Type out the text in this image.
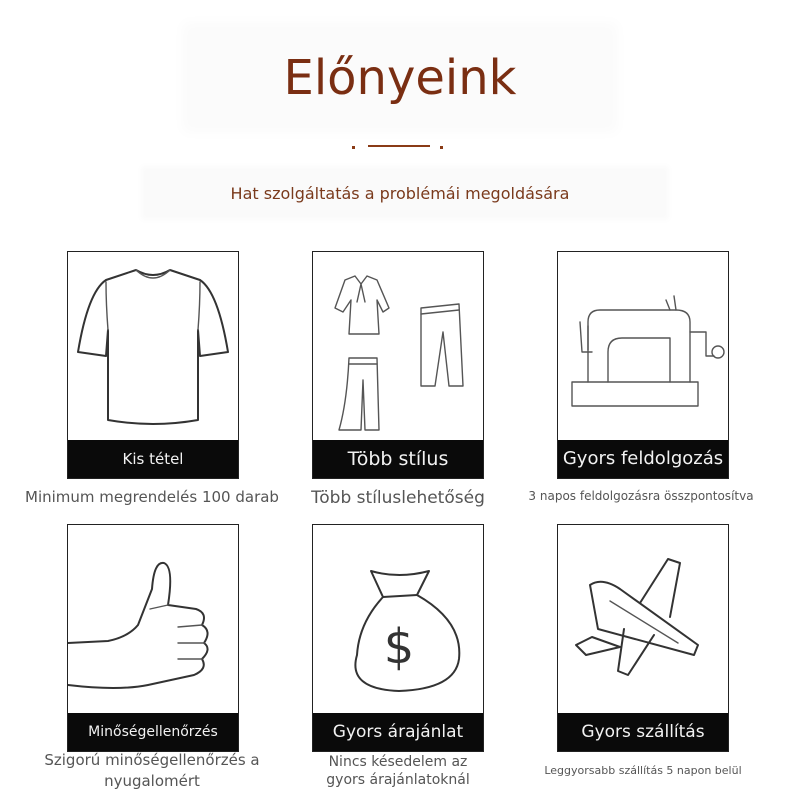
Előnyeink
Hat szolgáltatás a problémái megoldására
Kis tétel
Minimum megrendelés 100 darab
Több stílus
Több stíluslehetőség
Gyors feldolgozás
3 napos feldolgozásra összpontosítva
Minőségellenőrzés
Szigorú minőségellenőrzés a
nyugalomért
$
Gyors árajánlat
Nincs késedelem az
gyors árajánlatoknál
Gyors szállítás
Leggyorsabb szállítás 5 napon belül
